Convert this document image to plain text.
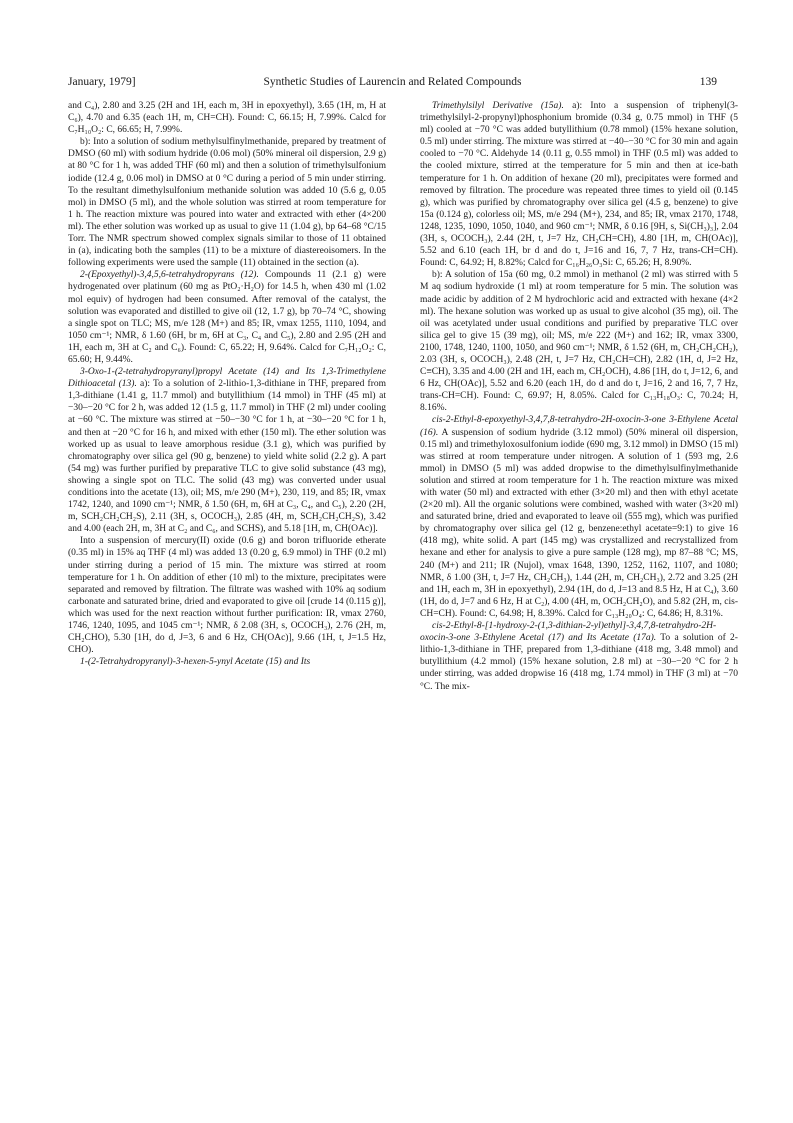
January, 1979]	Synthetic Studies of Laurencin and Related Compounds	139

and C₄), 2.80 and 3.25 (2H and 1H, each m, 3H in epoxyethyl), 3.65 (1H, m, H at C₆), 4.70 and 6.35 (each 1H, m, CH=CH). Found: C, 66.15; H, 7.99%. Calcd for C₇H₁₀O₂: C, 66.65; H, 7.99%.

b): Into a solution of sodium methylsulfinylmethanide, prepared by treatment of DMSO (60 ml) with sodium hydride (0.06 mol) (50% mineral oil dispersion, 2.9 g) at 80 °C for 1 h, was added THF (60 ml) and then a solution of trimethylsulfonium iodide (12.4 g, 0.06 mol) in DMSO at 0 °C during a period of 5 min under stirring. To the resultant dimethylsulfonium methanide solution was added 10 (5.6 g, 0.05 mol) in DMSO (5 ml), and the whole solution was stirred at room temperature for 1 h. The reaction mixture was poured into water and extracted with ether (4×200 ml). The ether solution was worked up as usual to give 11 (1.04 g), bp 64–68 °C/15 Torr. The NMR spectrum showed complex signals similar to those of 11 obtained in (a), indicating both the samples (11) to be a mixture of diastereoisomers. In the following experiments were used the sample (11) obtained in the section (a).

2-(Epoxyethyl)-3,4,5,6-tetrahydropyrans (12). Compounds 11 (2.1 g) were hydrogenated over platinum (60 mg as PtO₂·H₂O) for 14.5 h, when 430 ml (1.02 mol equiv) of hydrogen had been consumed. After removal of the catalyst, the solution was evaporated and distilled to give oil (12, 1.7 g), bp 70–74 °C, showing a single spot on TLC; MS, m/e 128 (M+) and 85; IR, νmax 1255, 1110, 1094, and 1050 cm⁻¹; NMR, δ 1.60 (6H, br m, 6H at C₃, C₄ and C₅), 2.80 and 2.95 (2H and 1H, each m, 3H at C₂ and C₆). Found: C, 65.22; H, 9.64%. Calcd for C₇H₁₂O₂: C, 65.60; H, 9.44%.

3-Oxo-1-(2-tetrahydropyranyl)propyl Acetate (14) and Its 1,3-Trimethylene Dithioacetal (13). a): To a solution of 2-lithio-1,3-dithiane in THF, prepared from 1,3-dithiane (1.41 g, 11.7 mmol) and butyllithium (14 mmol) in THF (45 ml) at −30–−20 °C for 2 h, was added 12 (1.5 g, 11.7 mmol) in THF (2 ml) under cooling at −60 °C. The mixture was stirred at −50–−30 °C for 1 h, at −30–−20 °C for 1 h, and then at −20 °C for 16 h, and mixed with ether (150 ml). The ether solution was worked up as usual to leave amorphous residue (3.1 g), which was purified by chromatography over silica gel (90 g, benzene) to yield white solid (2.2 g). A part (54 mg) was further purified by preparative TLC to give solid substance (43 mg), showing a single spot on TLC. The solid (43 mg) was converted under usual conditions into the acetate (13), oil; MS, m/e 290 (M+), 230, 119, and 85; IR, νmax 1742, 1240, and 1090 cm⁻¹; NMR, δ 1.50 (6H, m, 6H at C₃, C₄, and C₅), 2.20 (2H, m, SCH₂CH₂CH₂S), 2.11 (3H, s, OCOCH₃), 2.85 (4H, m, SCH₂CH₂CH₂S), 3.42 and 4.00 (each 2H, m, 3H at C₂ and C₆, and SCHS), and 5.18 [1H, m, CH(OAc)].

Into a suspension of mercury(II) oxide (0.6 g) and boron trifluoride etherate (0.35 ml) in 15% aq THF (4 ml) was added 13 (0.20 g, 6.9 mmol) in THF (0.2 ml) under stirring during a period of 15 min. The mixture was stirred at room temperature for 1 h. On addition of ether (10 ml) to the mixture, precipitates were separated and removed by filtration. The filtrate was washed with 10% aq sodium carbonate and saturated brine, dried and evaporated to give oil [crude 14 (0.115 g)], which was used for the next reaction without further purification: IR, νmax 2760, 1746, 1240, 1095, and 1045 cm⁻¹; NMR, δ 2.08 (3H, s, OCOCH₃), 2.76 (2H, m, CH₂CHO), 5.30 [1H, do d, J=3, 6 and 6 Hz, CH(OAc)], 9.66 (1H, t, J=1.5 Hz, CHO).

1-(2-Tetrahydropyranyl)-3-hexen-5-ynyl Acetate (15) and Its

Trimethylsilyl Derivative (15a). a): Into a suspension of triphenyl(3-trimethylsilyl-2-propynyl)phosphonium bromide (0.34 g, 0.75 mmol) in THF (5 ml) cooled at −70 °C was added butyllithium (0.78 mmol) (15% hexane solution, 0.5 ml) under stirring. The mixture was stirred at −40–−30 °C for 30 min and again cooled to −70 °C. Aldehyde 14 (0.11 g, 0.55 mmol) in THF (0.5 ml) was added to the cooled mixture, stirred at the temperature for 5 min and then at ice-bath temperature for 1 h. On addition of hexane (20 ml), precipitates were formed and removed by filtration. The procedure was repeated three times to yield oil (0.145 g), which was purified by chromatography over silica gel (4.5 g, benzene) to give 15a (0.124 g), colorless oil; MS, m/e 294 (M+), 234, and 85; IR, νmax 2170, 1748, 1248, 1235, 1090, 1050, 1040, and 960 cm⁻¹; NMR, δ 0.16 [9H, s, Si(CH₃)₃], 2.04 (3H, s, OCOCH₃), 2.44 (2H, t, J=7 Hz, CH₂CH=CH), 4.80 [1H, m, CH(OAc)], 5.52 and 6.10 (each 1H, br d and do t, J=16 and 16, 7, 7 Hz, trans-CH=CH). Found: C, 64.92; H, 8.82%; Calcd for C₁₆H₂₆O₃Si: C, 65.26; H, 8.90%.

b): A solution of 15a (60 mg, 0.2 mmol) in methanol (2 ml) was stirred with 5 M aq sodium hydroxide (1 ml) at room temperature for 5 min. The solution was made acidic by addition of 2 M hydrochloric acid and extracted with hexane (4×2 ml). The hexane solution was worked up as usual to give alcohol (35 mg), oil. The oil was acetylated under usual conditions and purified by preparative TLC over silica gel to give 15 (39 mg), oil; MS, m/e 222 (M+) and 162; IR, νmax 3300, 2100, 1748, 1240, 1100, 1050, and 960 cm⁻¹; NMR, δ 1.52 (6H, m, CH₂CH₂CH₂), 2.03 (3H, s, OCOCH₃), 2.48 (2H, t, J=7 Hz, CH₂CH=CH), 2.82 (1H, d, J=2 Hz, C≡CH), 3.35 and 4.00 (2H and 1H, each m, CH₂OCH), 4.86 [1H, do t, J=12, 6, and 6 Hz, CH(OAc)], 5.52 and 6.20 (each 1H, do d and do t, J=16, 2 and 16, 7, 7 Hz, trans-CH=CH). Found: C, 69.97; H, 8.05%. Calcd for C₁₃H₁₈O₃: C, 70.24; H, 8.16%.

cis-2-Ethyl-8-epoxyethyl-3,4,7,8-tetrahydro-2H-oxocin-3-one 3-Ethylene Acetal (16). A suspension of sodium hydride (3.12 mmol) (50% mineral oil dispersion, 0.15 ml) and trimethyloxosulfonium iodide (690 mg, 3.12 mmol) in DMSO (15 ml) was stirred at room temperature under nitrogen. A solution of 1 (593 mg, 2.6 mmol) in DMSO (5 ml) was added dropwise to the dimethylsulfinylmethanide solution and stirred at room temperature for 1 h. The reaction mixture was mixed with water (50 ml) and extracted with ether (3×20 ml) and then with ethyl acetate (2×20 ml). All the organic solutions were combined, washed with water (3×20 ml) and saturated brine, dried and evaporated to leave oil (555 mg), which was purified by chromatography over silica gel (12 g, benzene:ethyl acetate=9:1) to give 16 (418 mg), white solid. A part (145 mg) was crystallized and recrystallized from hexane and ether for analysis to give a pure sample (128 mg), mp 87–88 °C; MS, 240 (M+) and 211; IR (Nujol), νmax 1648, 1390, 1252, 1162, 1107, and 1080; NMR, δ 1.00 (3H, t, J=7 Hz, CH₂CH₃), 1.44 (2H, m, CH₂CH₃), 2.72 and 3.25 (2H and 1H, each m, 3H in epoxyethyl), 2.94 (1H, do d, J=13 and 8.5 Hz, H at C₄), 3.60 (1H, do d, J=7 and 6 Hz, H at C₂), 4.00 (4H, m, OCH₂CH₂O), and 5.82 (2H, m, cis-CH=CH). Found: C, 64.98; H, 8.39%. Calcd for C₁₃H₂₀O₄: C, 64.86; H, 8.31%.

cis-2-Ethyl-8-[1-hydroxy-2-(1,3-dithian-2-yl)ethyl]-3,4,7,8-tetrahydro-2H-oxocin-3-one 3-Ethylene Acetal (17) and Its Acetate (17a). To a solution of 2-lithio-1,3-dithiane in THF, prepared from 1,3-dithiane (418 mg, 3.48 mmol) and butyllithium (4.2 mmol) (15% hexane solution, 2.8 ml) at −30–−20 °C for 2 h under stirring, was added dropwise 16 (418 mg, 1.74 mmol) in THF (3 ml) at −70 °C. The mix-
